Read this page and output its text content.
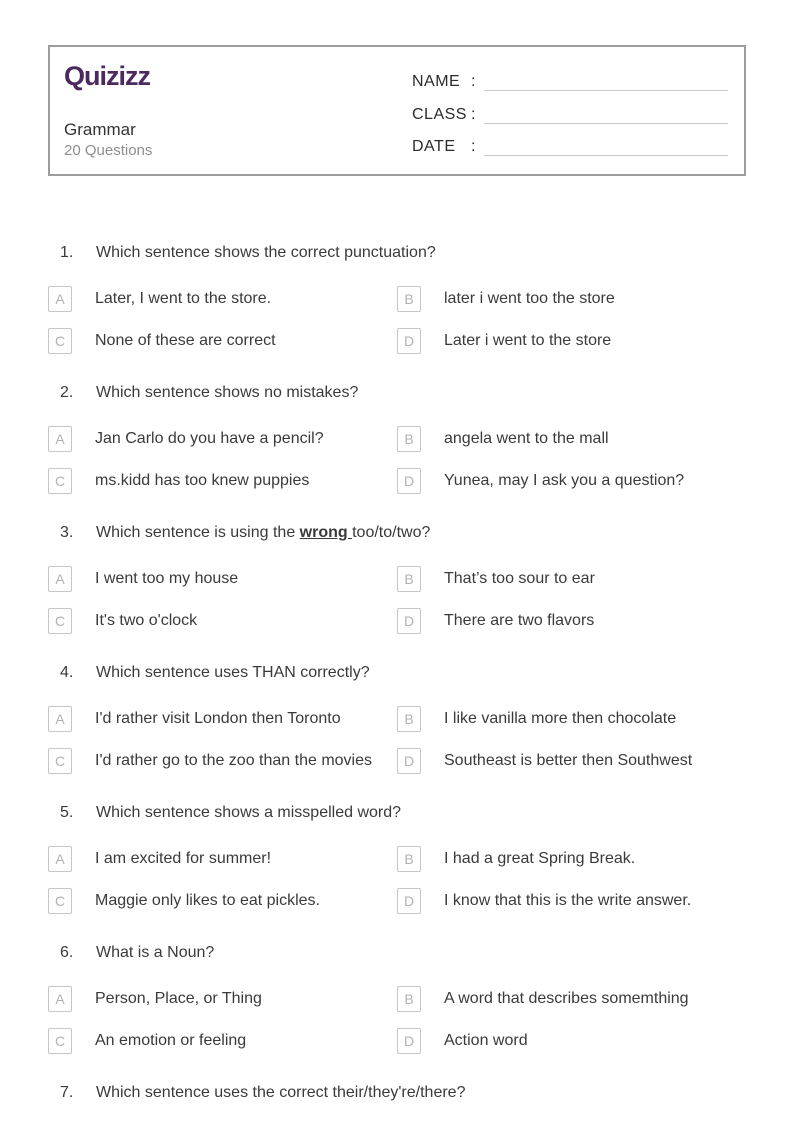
Quizizz
Grammar
20 Questions
NAME :
CLASS :
DATE :
1.	Which sentence shows the correct punctuation?
A	Later, I went to the store.	B	later i went too the store
C	None of these are correct	D	Later i went to the store
2.	Which sentence shows no mistakes?
A	Jan Carlo do you have a pencil?	B	angela went to the mall
C	ms.kidd has too knew puppies	D	Yunea, may I ask you a question?
3.	Which sentence is using the wrong too/to/two?
A	I went too my house	B	That’s too sour to ear
C	It's two o'clock	D	There are two flavors
4.	Which sentence uses THAN correctly?
A	I'd rather visit London then Toronto	B	I like vanilla more then chocolate
C	I'd rather go to the zoo than the movies	D	Southeast is better then Southwest
5.	Which sentence shows a misspelled word?
A	I am excited for summer!	B	I had a great Spring Break.
C	Maggie only likes to eat pickles.	D	I know that this is the write answer.
6.	What is a Noun?
A	Person, Place, or Thing	B	A word that describes somemthing
C	An emotion or feeling	D	Action word
7.	Which sentence uses the correct their/they're/there?
